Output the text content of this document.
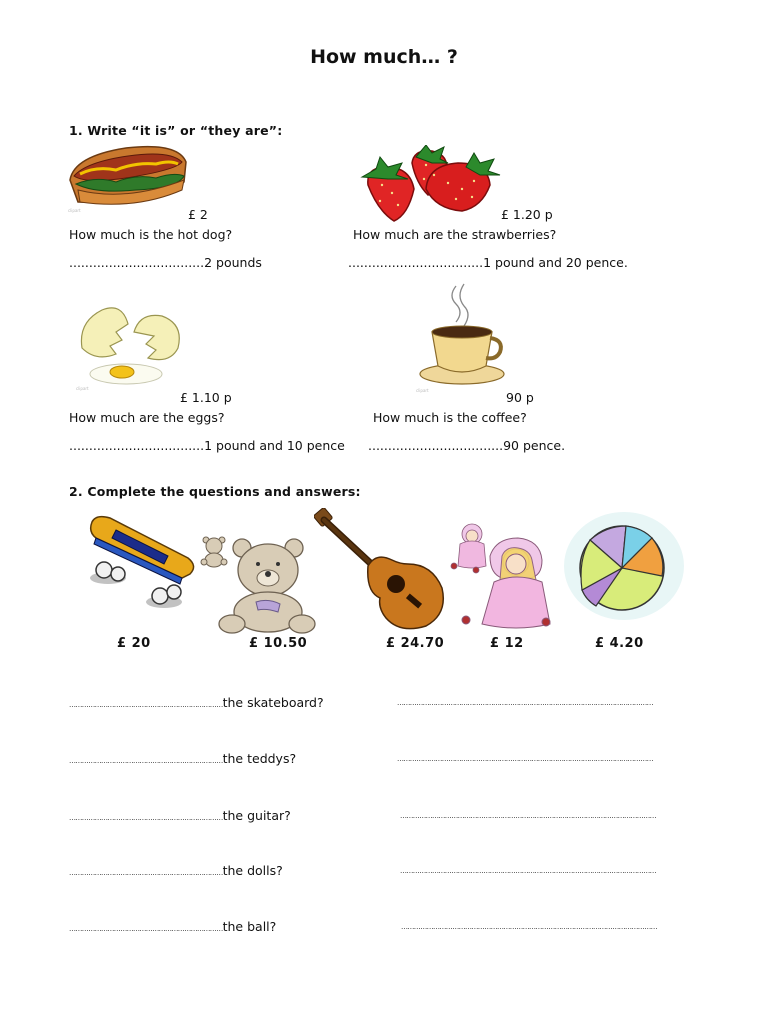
How much… ?
1. Write “it is” or “they are”:
clipart	£ 2
How much is the hot dog?
..................................2 pounds
£ 1.20 p
How much are the strawberries?
..................................1 pound and 20 pence.
clipart
£ 1.10 p
How much are the eggs?
..................................1 pound and 10 pence
clipart	90 p
How much is the coffee?
..................................90 pence.
2. Complete the questions and answers:
£ 20	£ 10.50	£ 24.70	£ 12	£ 4.20
………………………………………………………………the skateboard?	…………………………………………………………………………………………………………
………………………………………………………………the teddys?	…………………………………………………………………………………………………………
………………………………………………………………the guitar?	…………………………………………………………………………………………………………
………………………………………………………………the dolls?	…………………………………………………………………………………………………………
………………………………………………………………the ball?	…………………………………………………………………………………………………………
